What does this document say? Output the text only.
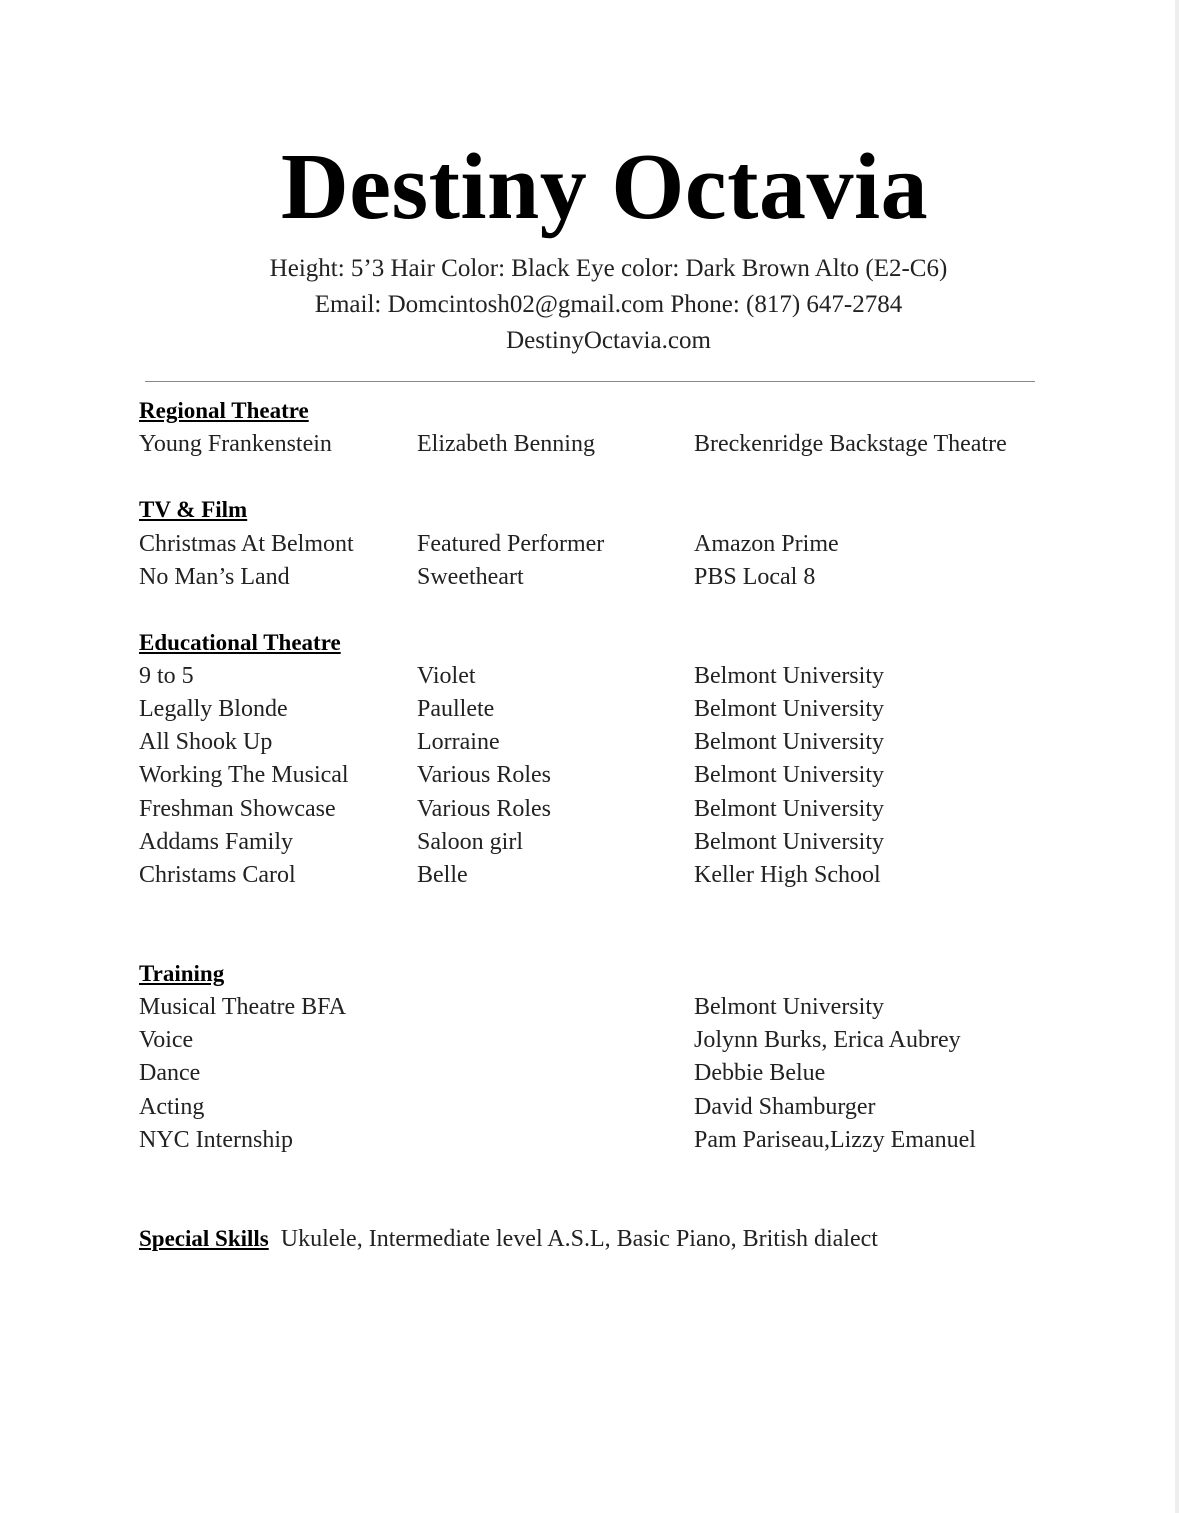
Destiny Octavia
Height: 5’3 Hair Color: Black Eye color: Dark Brown Alto (E2-C6)
Email: Domcintosh02@gmail.com Phone: (817) 647-2784
DestinyOctavia.com
Regional Theatre
Young Frankenstein	Elizabeth Benning	Breckenridge Backstage Theatre
TV & Film
Christmas At Belmont	Featured Performer	Amazon Prime
No Man’s Land	Sweetheart	PBS Local 8
Educational Theatre
9 to 5	Violet	Belmont University
Legally Blonde	Paullete	Belmont University
All Shook Up	Lorraine	Belmont University
Working The Musical	Various Roles	Belmont University
Freshman Showcase	Various Roles	Belmont University
Addams Family	Saloon girl	Belmont University
Christams Carol	Belle	Keller High School
Training
Musical Theatre BFA	Belmont University
Voice	Jolynn Burks, Erica Aubrey
Dance	Debbie Belue
Acting	David Shamburger
NYC Internship	Pam Pariseau,Lizzy Emanuel
Special Skills Ukulele, Intermediate level A.S.L, Basic Piano, British dialect
